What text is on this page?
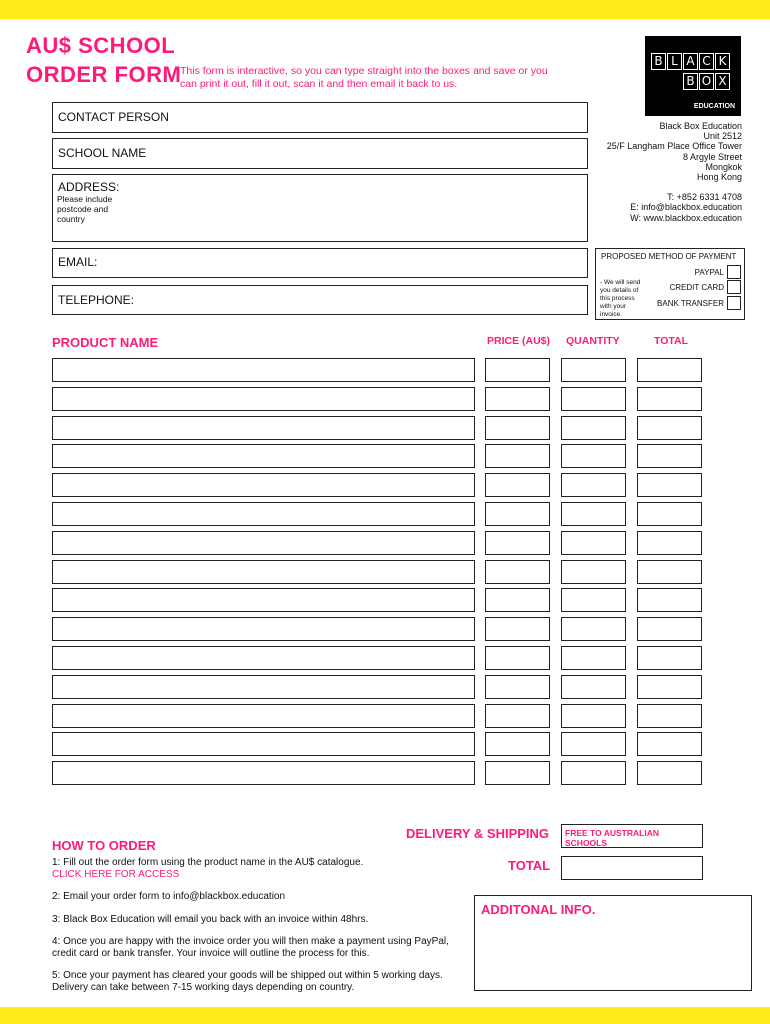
AU$ SCHOOL
ORDER FORM
This form is interactive, so you can type straight into the boxes and save or you can print it out, fill it out, scan it and then email it back to us.
B L A C K
B O X
EDUCATION
CONTACT PERSON
SCHOOL NAME
ADDRESS:
Please include
postcode and
country
EMAIL:
TELEPHONE:
Black Box Education
Unit 2512
25/F Langham Place Office Tower
8 Argyle Street
Mongkok
Hong Kong
T: +852 6331 4708
E: info@blackbox.education
W: www.blackbox.education
PROPOSED METHOD OF PAYMENT
- We will send you details of this process with your invoice.
PAYPAL
CREDIT CARD
BANK TRANSFER
PRODUCT NAME	PRICE (AU$) QUANTITY	TOTAL
HOW TO ORDER
1: Fill out the order form using the product name in the AU$ catalogue.
CLICK HERE FOR ACCESS
2: Email your order form to info@blackbox.education
3: Black Box Education will email you back with an invoice within 48hrs.
4: Once you are happy with the invoice order you will then make a payment using PayPal, credit card or bank transfer. Your invoice will outline the process for this.
5: Once your payment has cleared your goods will be shipped out within 5 working days. Delivery can take between 7-15 working days depending on country.
DELIVERY & SHIPPING	FREE TO AUSTRALIAN SCHOOLS
TOTAL
ADDITONAL INFO.
